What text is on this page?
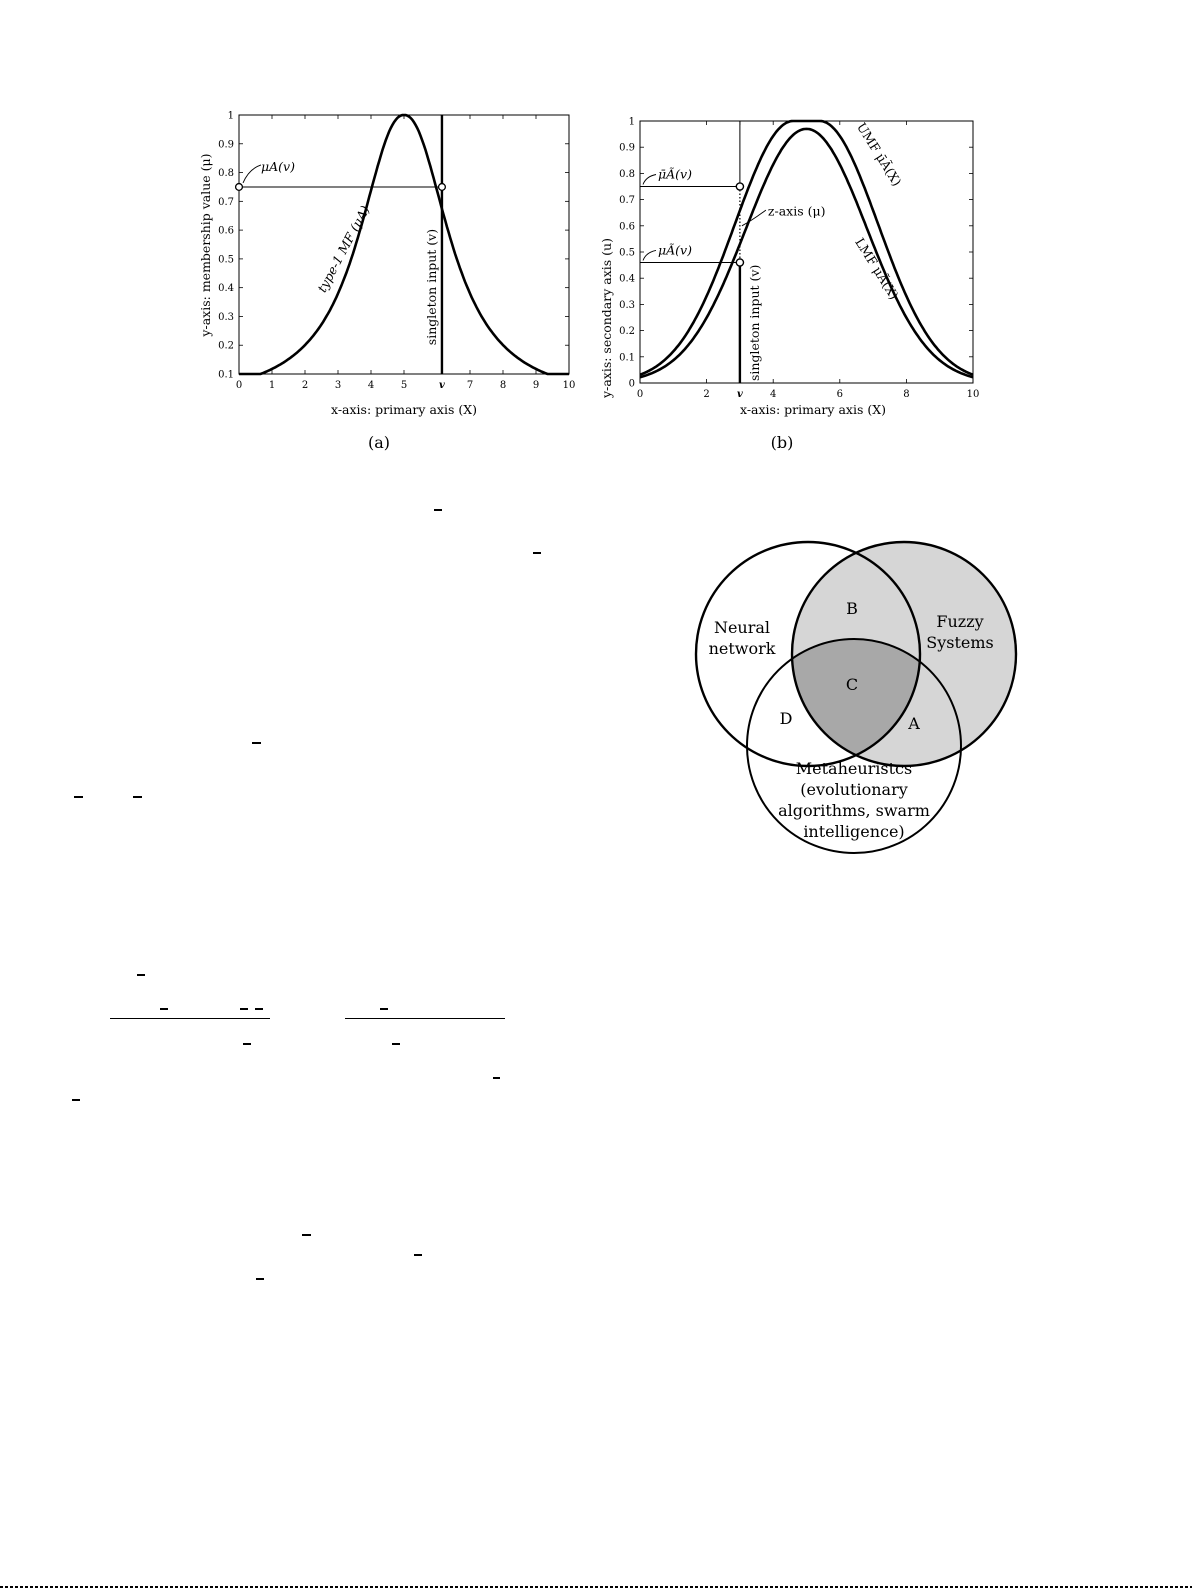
0	1	2	3	4	5	v 7	8	9 10
0.1
0.2
0.3
0.4
0.5
0.6
0.7
0.8
0.9
1
μA(v)
type-1 MF (μA)	singleton input (v)
x-axis: primary axis (X)
y-axis: membership value (μ)
(a)
0	2	v	4	6	8	10
0
0.1
0.2
0.3
0.4
0.5
0.6
0.7
0.8
0.9
1
μ̄Ã(v)
μÃ(v)
z-axis (μ)
UMF μ̄Ã(X)
LMF μÃ(X)
singleton input (v)
x-axis: primary axis (X)
y-axis: secondary axis (u)
(b)
Neural
network
Fuzzy
Systems
B
C
D	A
Metaheuristcs
(evolutionary
algorithms, swarm
intelligence)
